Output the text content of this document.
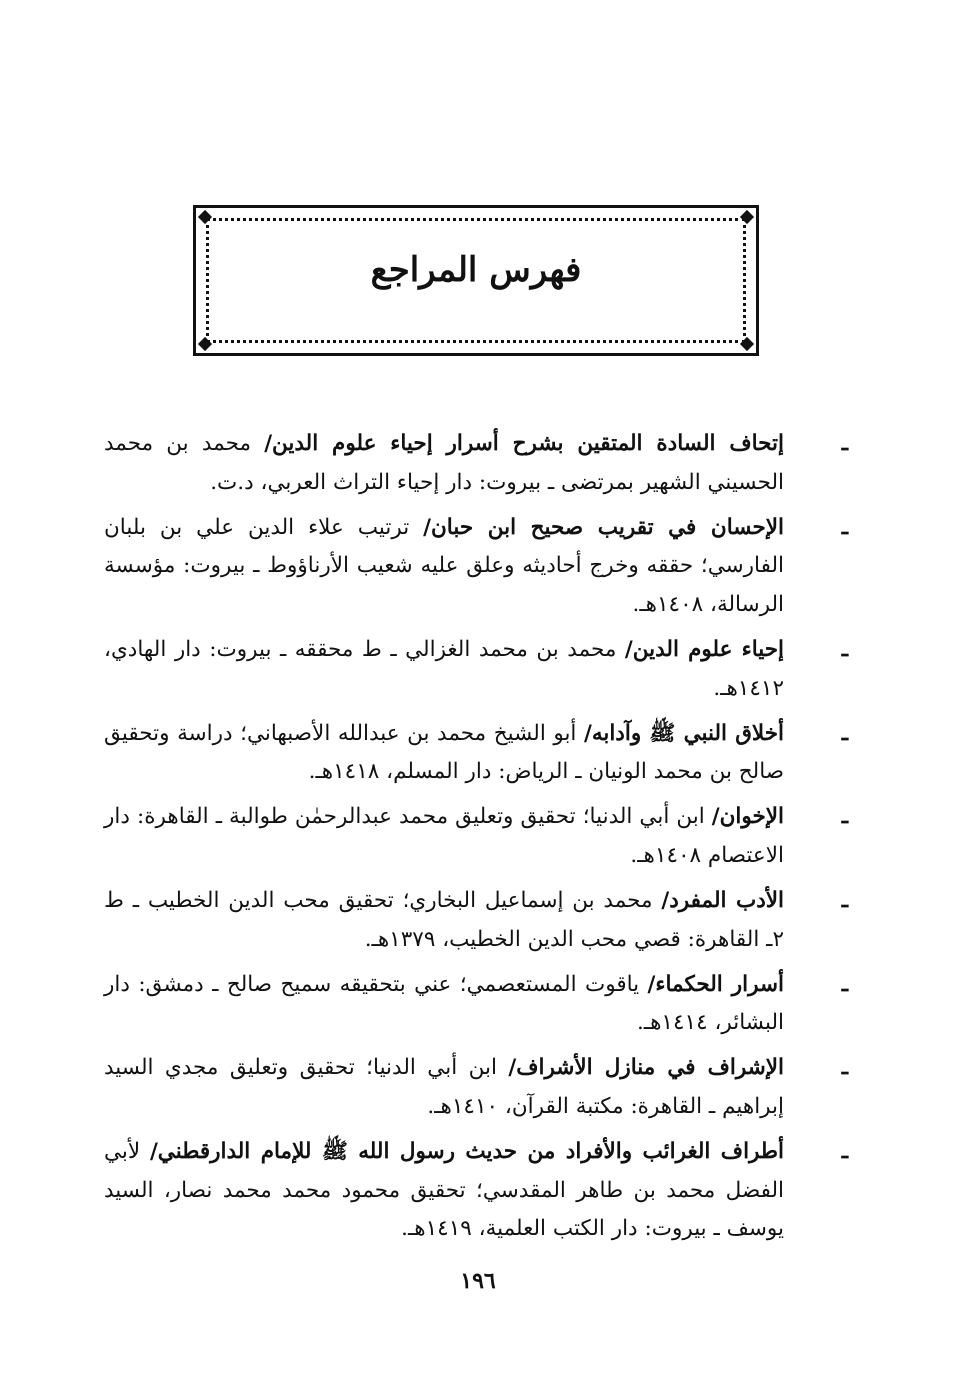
فهرس المراجع

ـ
إتحاف السادة المتقين بشرح أسرار إحياء علوم الدين/ محمد بن محمد الحسيني الشهير بمرتضى ـ بيروت: دار إحياء التراث العربي، د.ت.

ـ
الإحسان في تقريب صحيح ابن حبان/ ترتيب علاء الدين علي بن بلبان الفارسي؛ حققه وخرج أحاديثه وعلق عليه شعيب الأرناؤوط ـ بيروت: مؤسسة الرسالة، ١٤٠٨هـ.

ـ
إحياء علوم الدين/ محمد بن محمد الغزالي ـ ط محققه ـ بيروت: دار الهادي، ١٤١٢هـ.

ـ
أخلاق النبي ﷺ وآدابه/ أبو الشيخ محمد بن عبدالله الأصبهاني؛ دراسة وتحقيق صالح بن محمد الونيان ـ الرياض: دار المسلم، ١٤١٨هـ.

ـ
الإخوان/ ابن أبي الدنيا؛ تحقيق وتعليق محمد عبدالرحمٰن طوالبة ـ القاهرة: دار الاعتصام ١٤٠٨هـ.

ـ
الأدب المفرد/ محمد بن إسماعيل البخاري؛ تحقيق محب الدين الخطيب ـ ط ٢ـ القاهرة: قصي محب الدين الخطيب، ١٣٧٩هـ.

ـ
أسرار الحكماء/ ياقوت المستعصمي؛ عني بتحقيقه سميح صالح ـ دمشق: دار البشائر، ١٤١٤هـ.

ـ
الإشراف في منازل الأشراف/ ابن أبي الدنيا؛ تحقيق وتعليق مجدي السيد إبراهيم ـ القاهرة: مكتبة القرآن، ١٤١٠هـ.

ـ
أطراف الغرائب والأفراد من حديث رسول الله ﷺ للإمام الدارقطني/ لأبي الفضل محمد بن طاهر المقدسي؛ تحقيق محمود محمد محمد نصار، السيد يوسف ـ بيروت: دار الكتب العلمية، ١٤١٩هـ.

١٩٦
